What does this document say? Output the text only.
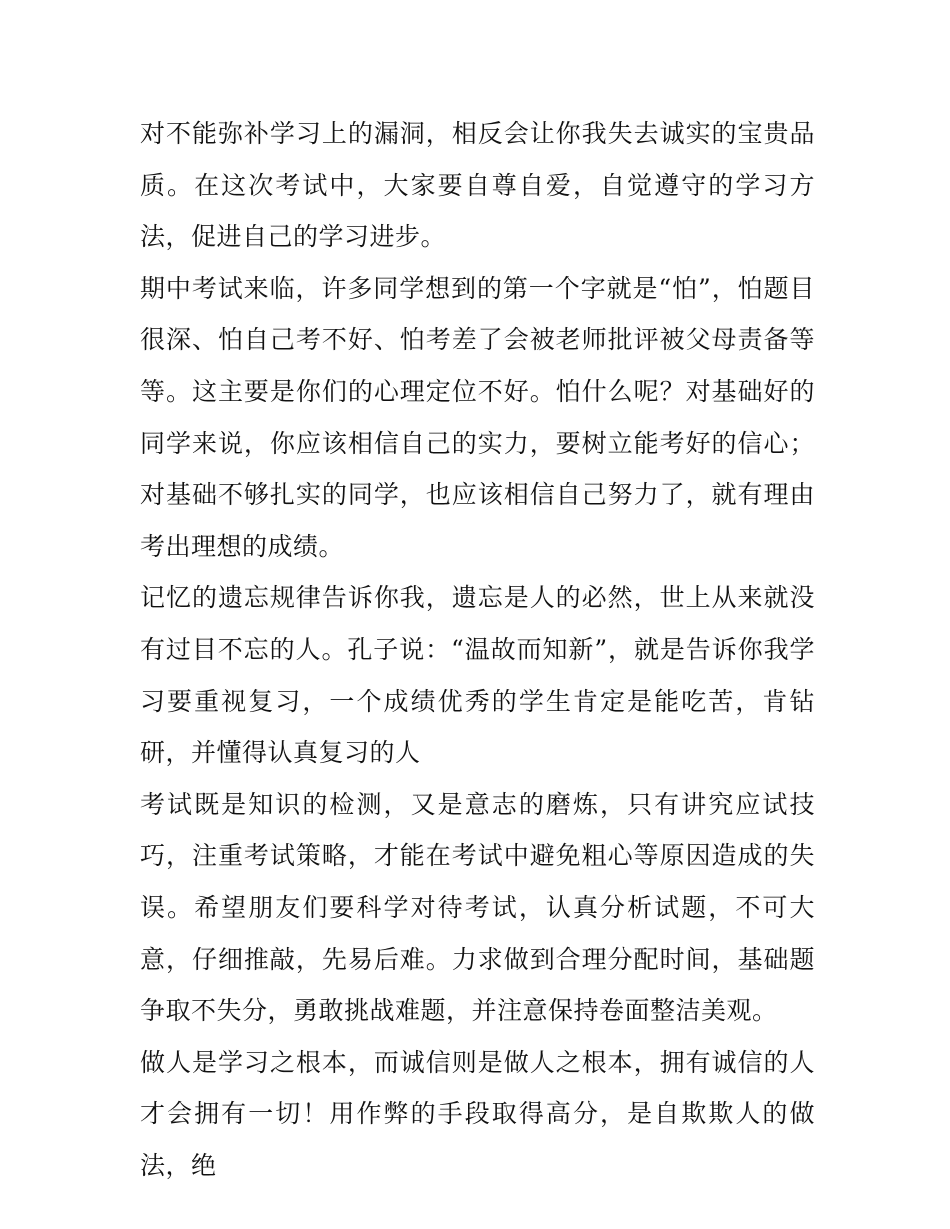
对不能弥补学习上的漏洞，相反会让你我失去诚实的宝贵品质。在这次考试中，大家要自尊自爱，自觉遵守的学习方法，促进自己的学习进步。

期中考试来临，许多同学想到的第一个字就是“怕”，怕题目很深、怕自己考不好、怕考差了会被老师批评被父母责备等等。这主要是你们的心理定位不好。怕什么呢？对基础好的同学来说，你应该相信自己的实力，要树立能考好的信心；对基础不够扎实的同学，也应该相信自己努力了，就有理由考出理想的成绩。

记忆的遗忘规律告诉你我，遗忘是人的必然，世上从来就没有过目不忘的人。孔子说：“温故而知新”，就是告诉你我学习要重视复习，一个成绩优秀的学生肯定是能吃苦，肯钻研，并懂得认真复习的人

考试既是知识的检测，又是意志的磨炼，只有讲究应试技巧，注重考试策略，才能在考试中避免粗心等原因造成的失误。希望朋友们要科学对待考试，认真分析试题，不可大意，仔细推敲，先易后难。力求做到合理分配时间，基础题争取不失分，勇敢挑战难题，并注意保持卷面整洁美观。

做人是学习之根本，而诚信则是做人之根本，拥有诚信的人才会拥有一切！用作弊的手段取得高分，是自欺欺人的做法，绝
